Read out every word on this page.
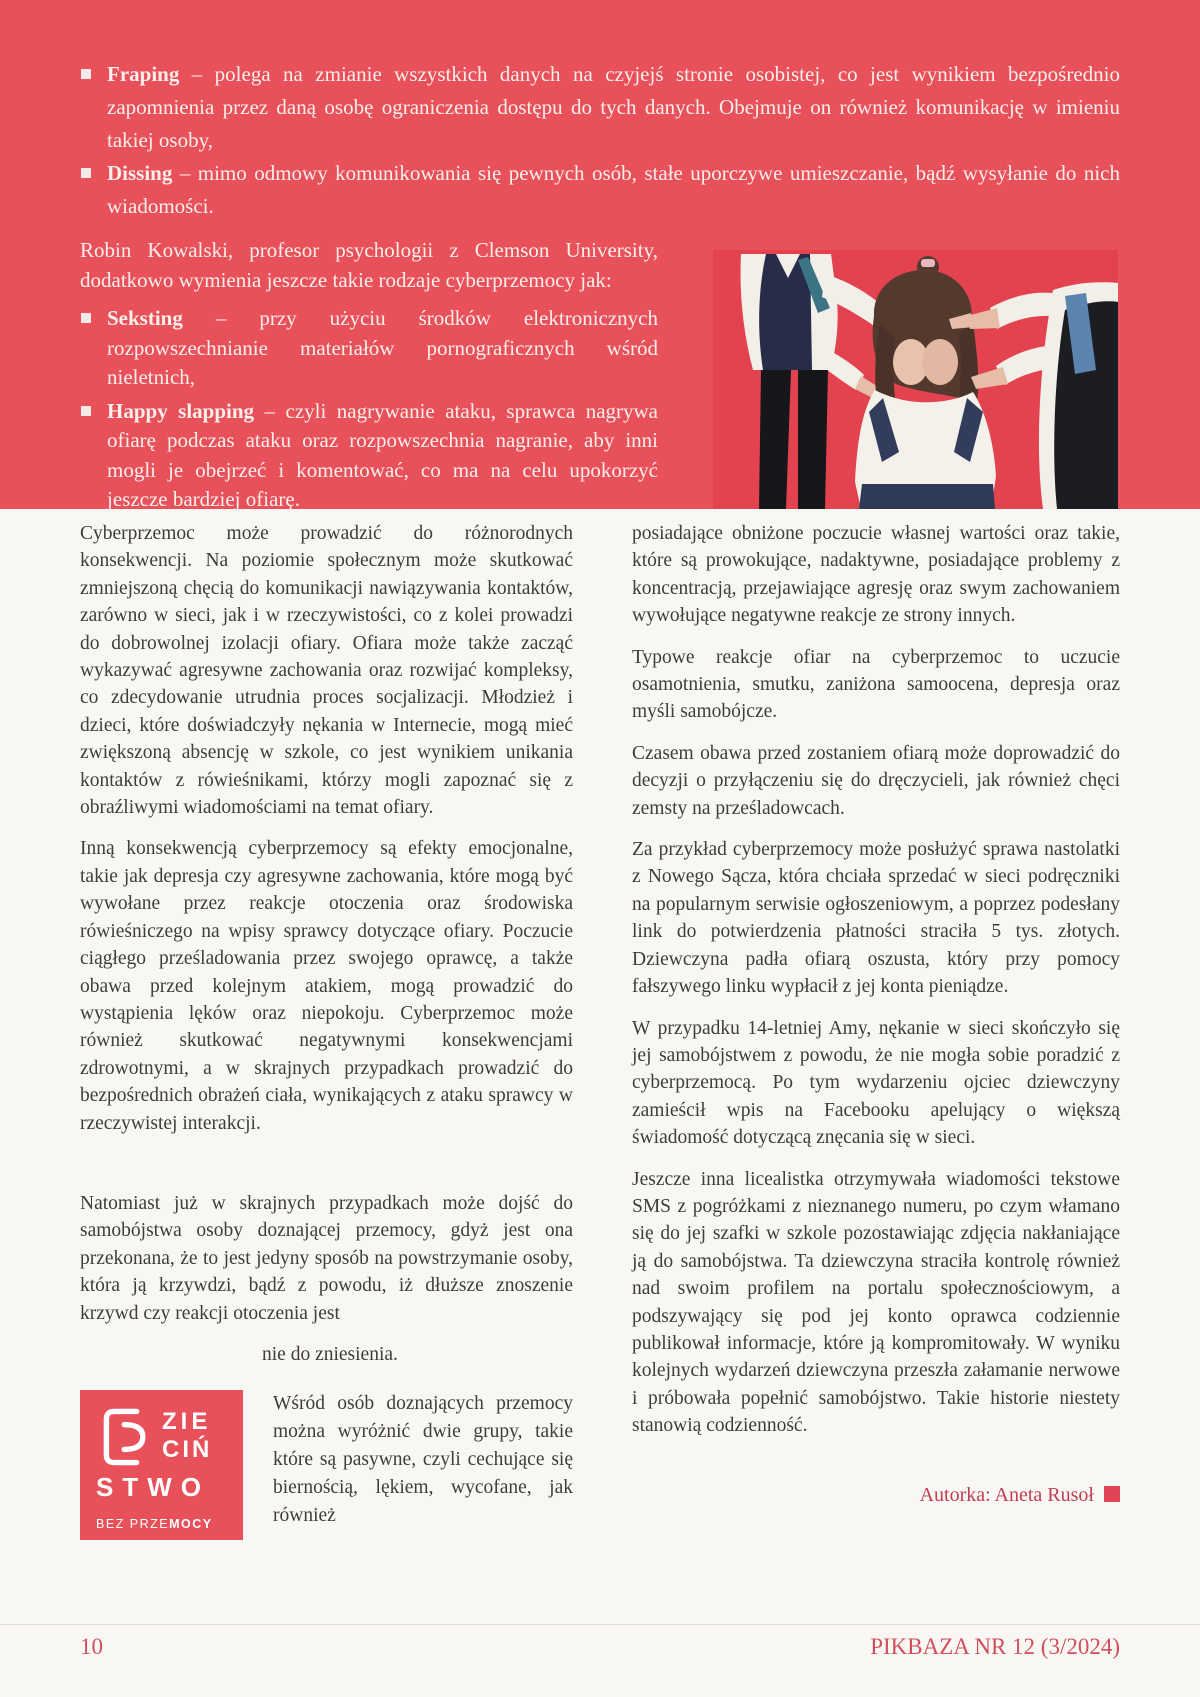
Fraping – polega na zmianie wszystkich danych na czyjejś stronie osobistej, co jest wynikiem bezpośrednio zapomnienia przez daną osobę ograniczenia dostępu do tych danych. Obejmuje on również komunikację w imieniu takiej osoby,
Dissing – mimo odmowy komunikowania się pewnych osób, stałe uporczywe umieszczanie, bądź wysyłanie do nich wiadomości.

Robin Kowalski, profesor psychologii z Clemson University, dodatkowo wymienia jeszcze takie rodzaje cyberprzemocy jak:

Seksting – przy użyciu środków elektronicznych rozpowszechnianie materiałów pornograficznych wśród nieletnich,
Happy slapping – czyli nagrywanie ataku, sprawca nagrywa ofiarę podczas ataku oraz rozpowszechnia nagranie, aby inni mogli je obejrzeć i komentować, co ma na celu upokorzyć jeszcze bardziej ofiarę.

Cyberprzemoc może prowadzić do różnorodnych konsekwencji. Na poziomie społecznym może skutkować zmniejszoną chęcią do komunikacji nawiązywania kontaktów, zarówno w sieci, jak i w rzeczywistości, co z kolei prowadzi do dobrowolnej izolacji ofiary. Ofiara może także zacząć wykazywać agresywne zachowania oraz rozwijać kompleksy, co zdecydowanie utrudnia proces socjalizacji. Młodzież i dzieci, które doświadczyły nękania w Internecie, mogą mieć zwiększoną absencję w szkole, co jest wynikiem unikania kontaktów z rówieśnikami, którzy mogli zapoznać się z obraźliwymi wiadomościami na temat ofiary.

Inną konsekwencją cyberprzemocy są efekty emocjonalne, takie jak depresja czy agresywne zachowania, które mogą być wywołane przez reakcje otoczenia oraz środowiska rówieśniczego na wpisy sprawcy dotyczące ofiary. Poczucie ciągłego prześladowania przez swojego oprawcę, a także obawa przed kolejnym atakiem, mogą prowadzić do wystąpienia lęków oraz niepokoju. Cyberprzemoc może również skutkować negatywnymi konsekwencjami zdrowotnymi, a w skrajnych przypadkach prowadzić do bezpośrednich obrażeń ciała, wynikających z ataku sprawcy w rzeczywistej interakcji.

Natomiast już w skrajnych przypadkach może dojść do samobójstwa osoby doznającej przemocy, gdyż jest ona przekonana, że to jest jedyny sposób na powstrzymanie osoby, która ją krzywdzi, bądź z powodu, iż dłuższe znoszenie krzywd czy reakcji otoczenia jest

nie do zniesienia.
ZIE
CIŃ
STWO
BEZ PRZEMOCY

Wśród osób doznających przemocy można wyróżnić dwie grupy, takie które są pasywne, czyli cechujące się biernością, lękiem, wycofane, jak również

posiadające obniżone poczucie własnej wartości oraz takie, które są prowokujące, nadaktywne, posiadające problemy z koncentracją, przejawiające agresję oraz swym zachowaniem wywołujące negatywne reakcje ze strony innych.

Typowe reakcje ofiar na cyberprzemoc to uczucie osamotnienia, smutku, zaniżona samoocena, depresja oraz myśli samobójcze.

Czasem obawa przed zostaniem ofiarą może doprowadzić do decyzji o przyłączeniu się do dręczycieli, jak również chęci zemsty na prześladowcach.

Za przykład cyberprzemocy może posłużyć sprawa nastolatki z Nowego Sącza, która chciała sprzedać w sieci podręczniki na popularnym serwisie ogłoszeniowym, a poprzez podesłany link do potwierdzenia płatności straciła 5 tys. złotych. Dziewczyna padła ofiarą oszusta, który przy pomocy fałszywego linku wypłacił z jej konta pieniądze.

W przypadku 14-letniej Amy, nękanie w sieci skończyło się jej samobójstwem z powodu, że nie mogła sobie poradzić z cyberprzemocą. Po tym wydarzeniu ojciec dziewczyny zamieścił wpis na Facebooku apelujący o większą świadomość dotyczącą znęcania się w sieci.

Jeszcze inna licealistka otrzymywała wiadomości tekstowe SMS z pogróżkami z nieznanego numeru, po czym włamano się do jej szafki w szkole pozostawiając zdjęcia nakłaniające ją do samobójstwa. Ta dziewczyna straciła kontrolę również nad swoim profilem na portalu społecznościowym, a podszywający się pod jej konto oprawca codziennie publikował informacje, które ją kompromitowały. W wyniku kolejnych wydarzeń dziewczyna przeszła załamanie nerwowe i próbowała popełnić samobójstwo. Takie historie niestety stanowią codzienność.

Autorka: Aneta Rusoł
10	PIKBAZA NR 12 (3/2024)
